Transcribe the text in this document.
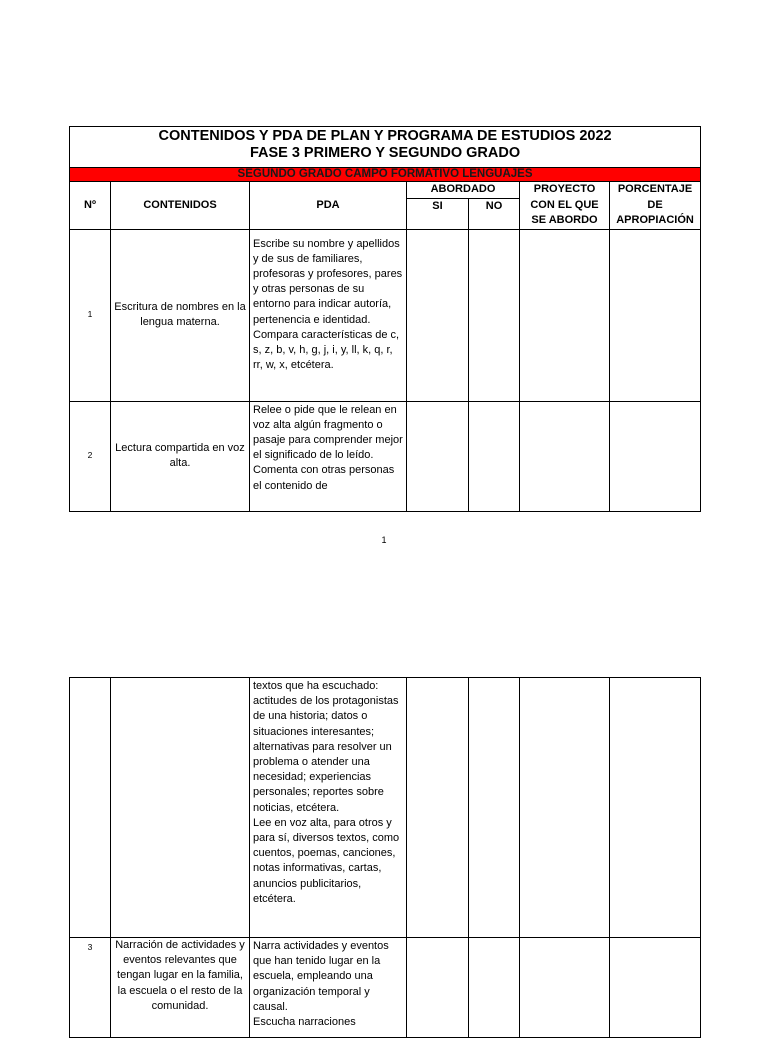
CONTENIDOS Y PDA DE PLAN Y PROGRAMA DE ESTUDIOS 2022
FASE 3 PRIMERO Y SEGUNDO GRADO						

SEGUNDO GRADO CAMPO FORMATIVO LENGUAJES						
Nº	CONTENIDOS	PDA	ABORDADO		PROYECTO CON EL QUE SE ABORDO	PORCENTAJE DE APROPIACIÓN
			SI	NO		
1	Escritura de nombres en la lengua materna.	Escribe su nombre y apellidos y de sus de familiares, profesoras y profesores, pares y otras personas de su entorno para indicar autoría, pertenencia e identidad.
Compara características de c, s, z, b, v, h, g, j, i, y, ll, k, q, r, rr, w, x, etcétera.				
2	Lectura compartida en voz alta.	Relee o pide que le relean en voz alta algún fragmento o pasaje para comprender mejor el significado de lo leído.
Comenta con otras personas el contenido de				
1
		textos que ha escuchado: actitudes de los protagonistas de una historia; datos o situaciones interesantes; alternativas para resolver un problema o atender una necesidad; experiencias personales; reportes sobre noticias, etcétera.
Lee en voz alta, para otros y para sí, diversos textos, como cuentos, poemas, canciones, notas informativas, cartas, anuncios publicitarios, etcétera.				
3	Narración de actividades y eventos relevantes que tengan lugar en la familia, la escuela o el resto de la comunidad.	Narra actividades y eventos que han tenido lugar en la escuela, empleando una organización temporal y causal.
Escucha narraciones				
